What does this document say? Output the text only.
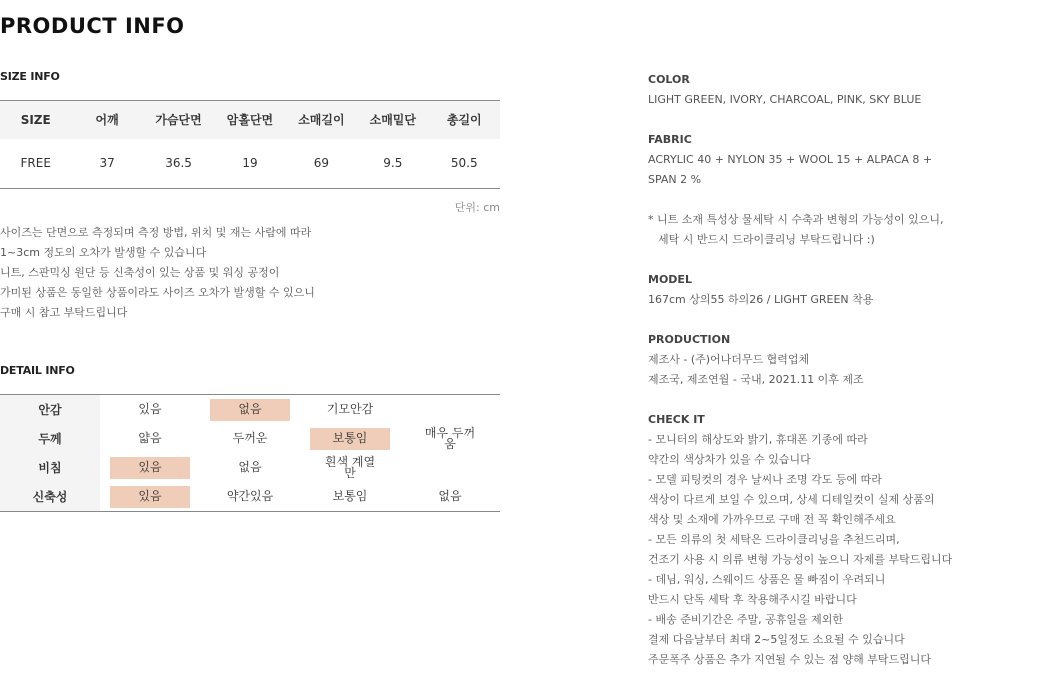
PRODUCT INFO
SIZE INFO
SIZE	어깨	가슴단면	암홀단면	소매길이	소매밑단	총길이
FREE	37	36.5	19	69	9.5	50.5
단위: cm
사이즈는 단면으로 측정되며 측정 방법, 위치 및 재는 사람에 따라
1~3cm 정도의 오차가 발생할 수 있습니다
니트, 스판믹싱 원단 등 신축성이 있는 상품 및 워싱 공정이
가미된 상품은 동일한 상품이라도 사이즈 오차가 발생할 수 있으니
구매 시 참고 부탁드립니다
DETAIL INFO
안감	있음	없음	기모안감
두께	얇음	두꺼운	보통임	매우 두꺼움
비침	있음	없음	흰색 계열만
신축성	있음	약간있음	보통임	없음
COLOR
LIGHT GREEN, IVORY, CHARCOAL, PINK, SKY BLUE
FABRIC
ACRYLIC 40 + NYLON 35 + WOOL 15 + ALPACA 8 + SPAN 2 %
* 니트 소재 특성상 물세탁 시 수축과 변형의 가능성이 있으니,
세탁 시 반드시 드라이클리닝 부탁드립니다 :)
MODEL
167cm 상의55 하의26 / LIGHT GREEN 착용
PRODUCTION
제조사 - (주)어나더무드 협력업체
제조국, 제조연월 - 국내, 2021.11 이후 제조
CHECK IT
- 모니터의 해상도와 밝기, 휴대폰 기종에 따라
약간의 색상차가 있을 수 있습니다
- 모델 피팅컷의 경우 날씨나 조명 각도 등에 따라
색상이 다르게 보일 수 있으며, 상세 디테일컷이 실제 상품의
색상 및 소재에 가까우므로 구매 전 꼭 확인해주세요
- 모든 의류의 첫 세탁은 드라이클리닝을 추천드리며,
건조기 사용 시 의류 변형 가능성이 높으니 자제를 부탁드립니다
- 데님, 워싱, 스웨이드 상품은 물 빠짐이 우려되니
반드시 단독 세탁 후 착용해주시길 바랍니다
- 배송 준비기간은 주말, 공휴일을 제외한
결제 다음날부터 최대 2~5일정도 소요될 수 있습니다
주문폭주 상품은 추가 지연될 수 있는 점 양해 부탁드립니다
